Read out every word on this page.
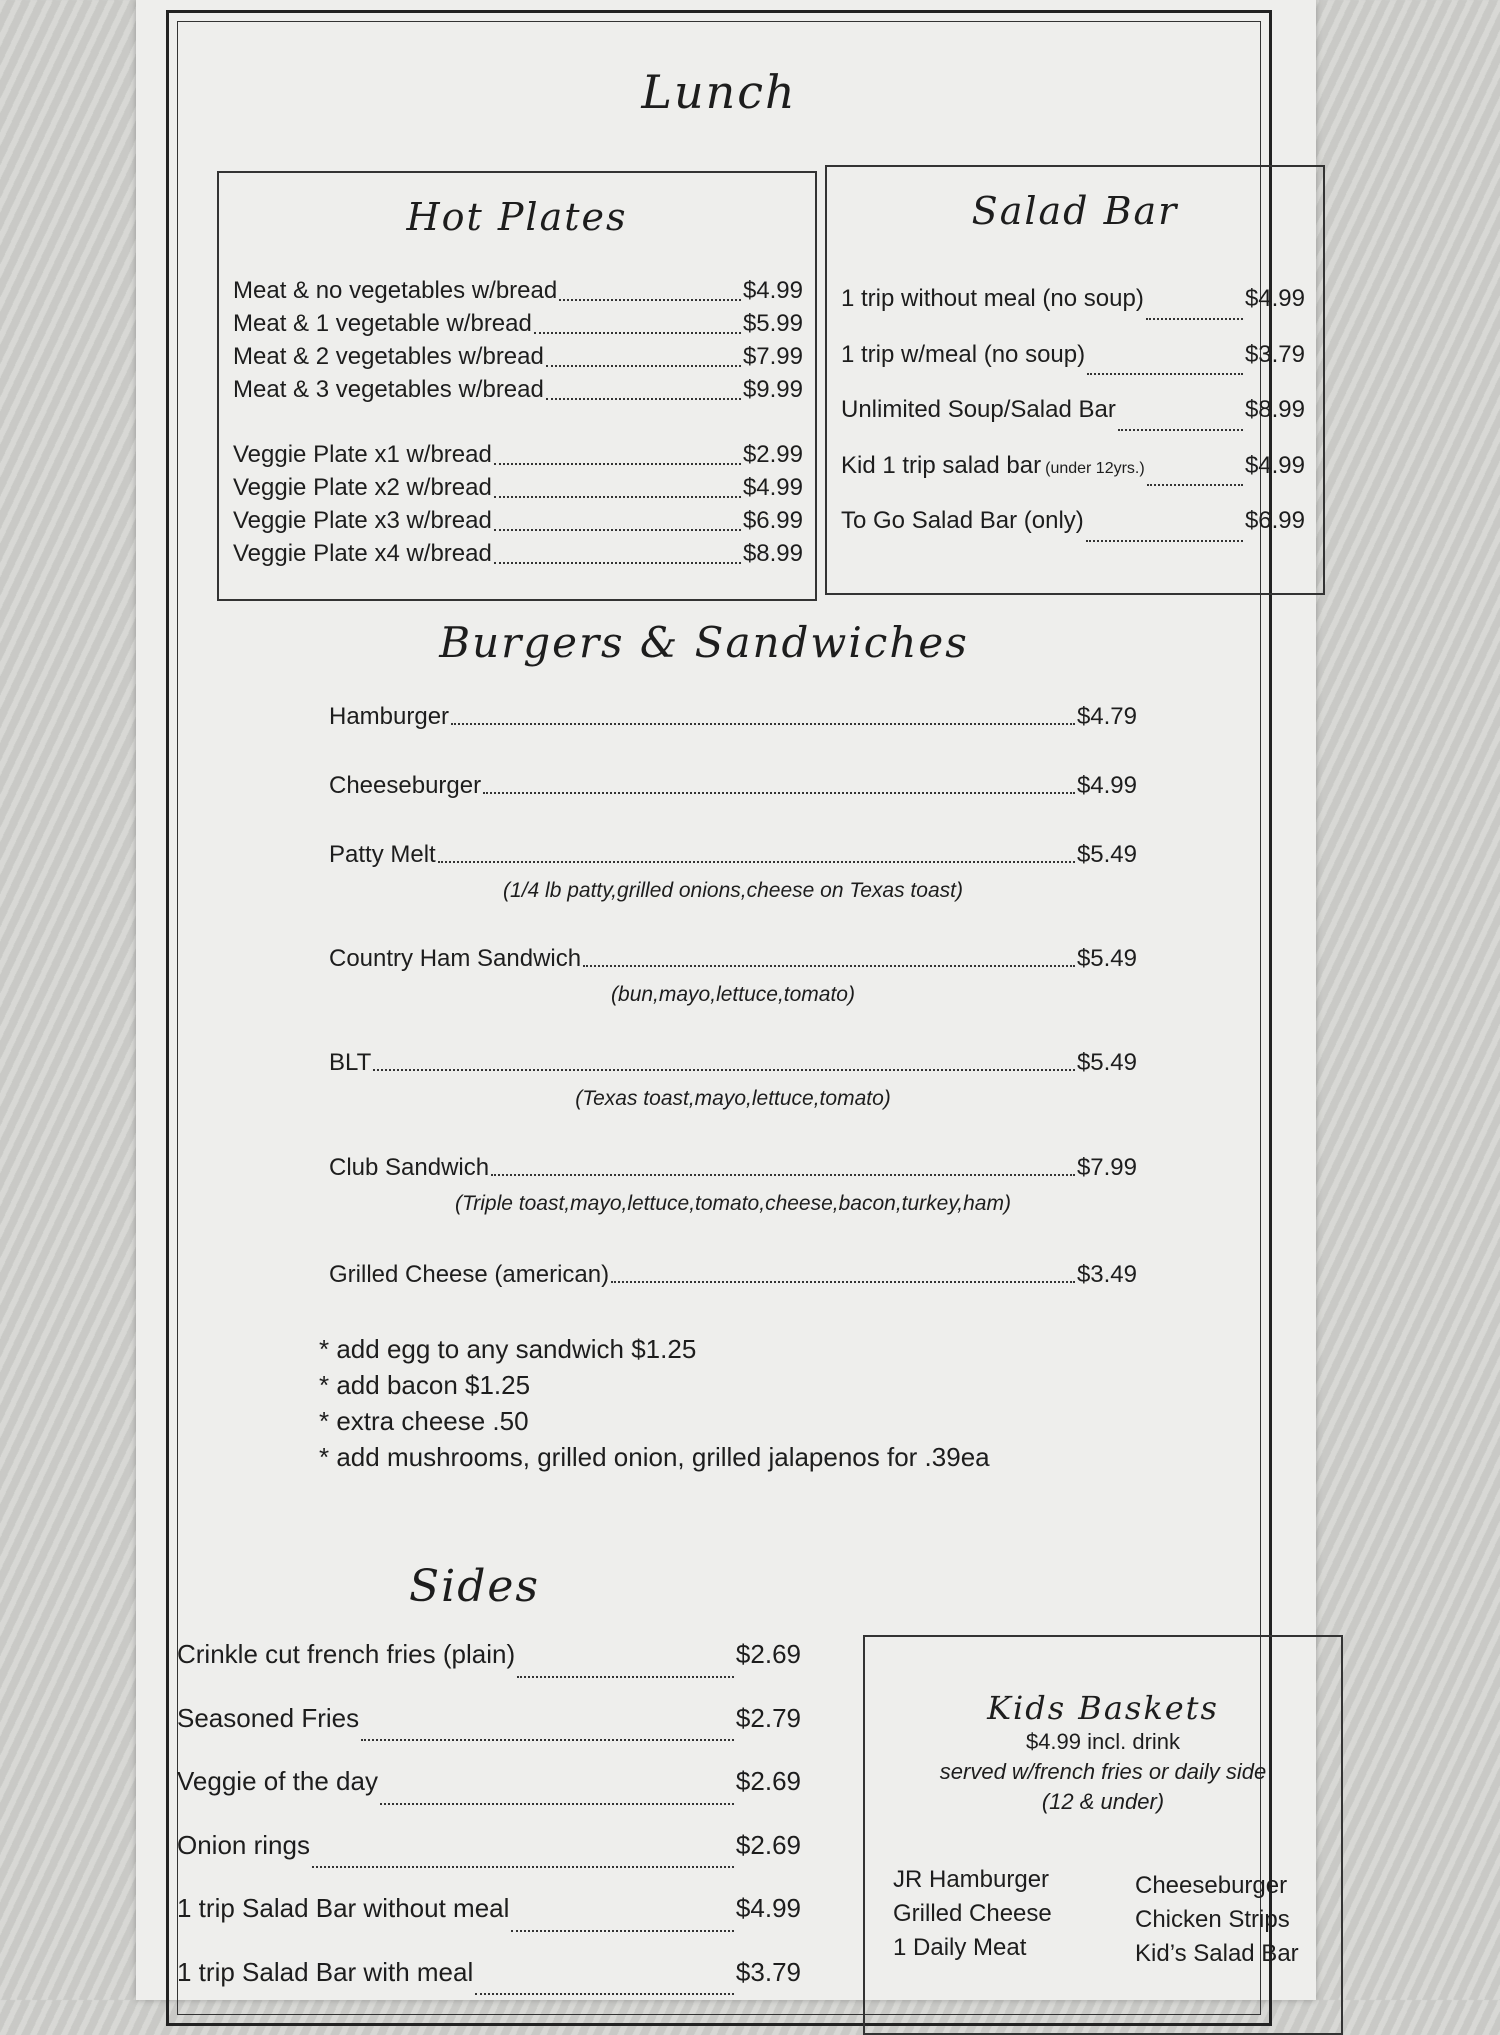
Lunch
Hot Plates
Meat & no vegetables w/bread	$4.99
Meat & 1 vegetable w/bread	$5.99
Meat & 2 vegetables w/bread	$7.99
Meat & 3 vegetables w/bread	$9.99
Veggie Plate x1 w/bread	$2.99
Veggie Plate x2 w/bread	$4.99
Veggie Plate x3 w/bread	$6.99
Veggie Plate x4 w/bread	$8.99
Salad Bar
1 trip without meal (no soup)	$4.99
1 trip w/meal (no soup)	$3.79
Unlimited Soup/Salad Bar	$8.99
Kid 1 trip salad bar (under 12yrs.)	$4.99
To Go Salad Bar (only)	$6.99
Burgers & Sandwiches
Hamburger	$4.79
Cheeseburger	$4.99
Patty Melt	$5.49
(1/4 lb patty,grilled onions,cheese on Texas toast)
Country Ham Sandwich	$5.49
(bun,mayo,lettuce,tomato)
BLT	$5.49
(Texas toast,mayo,lettuce,tomato)
Club Sandwich	$7.99
(Triple toast,mayo,lettuce,tomato,cheese,bacon,turkey,ham)
Grilled Cheese (american)	$3.49
* add egg to any sandwich $1.25
* add bacon $1.25
* extra cheese .50
* add mushrooms, grilled onion, grilled jalapenos for .39ea
Sides
Crinkle cut french fries (plain)	$2.69
Seasoned Fries	$2.79
Veggie of the day	$2.69
Onion rings	$2.69
1 trip Salad Bar without meal	$4.99
1 trip Salad Bar with meal	$3.79
Kids Baskets
$4.99 incl. drink
served w/french fries or daily side
(12 & under)
JR Hamburger
Grilled Cheese
1 Daily Meat
Cheeseburger
Chicken Strips
Kid’s Salad Bar
